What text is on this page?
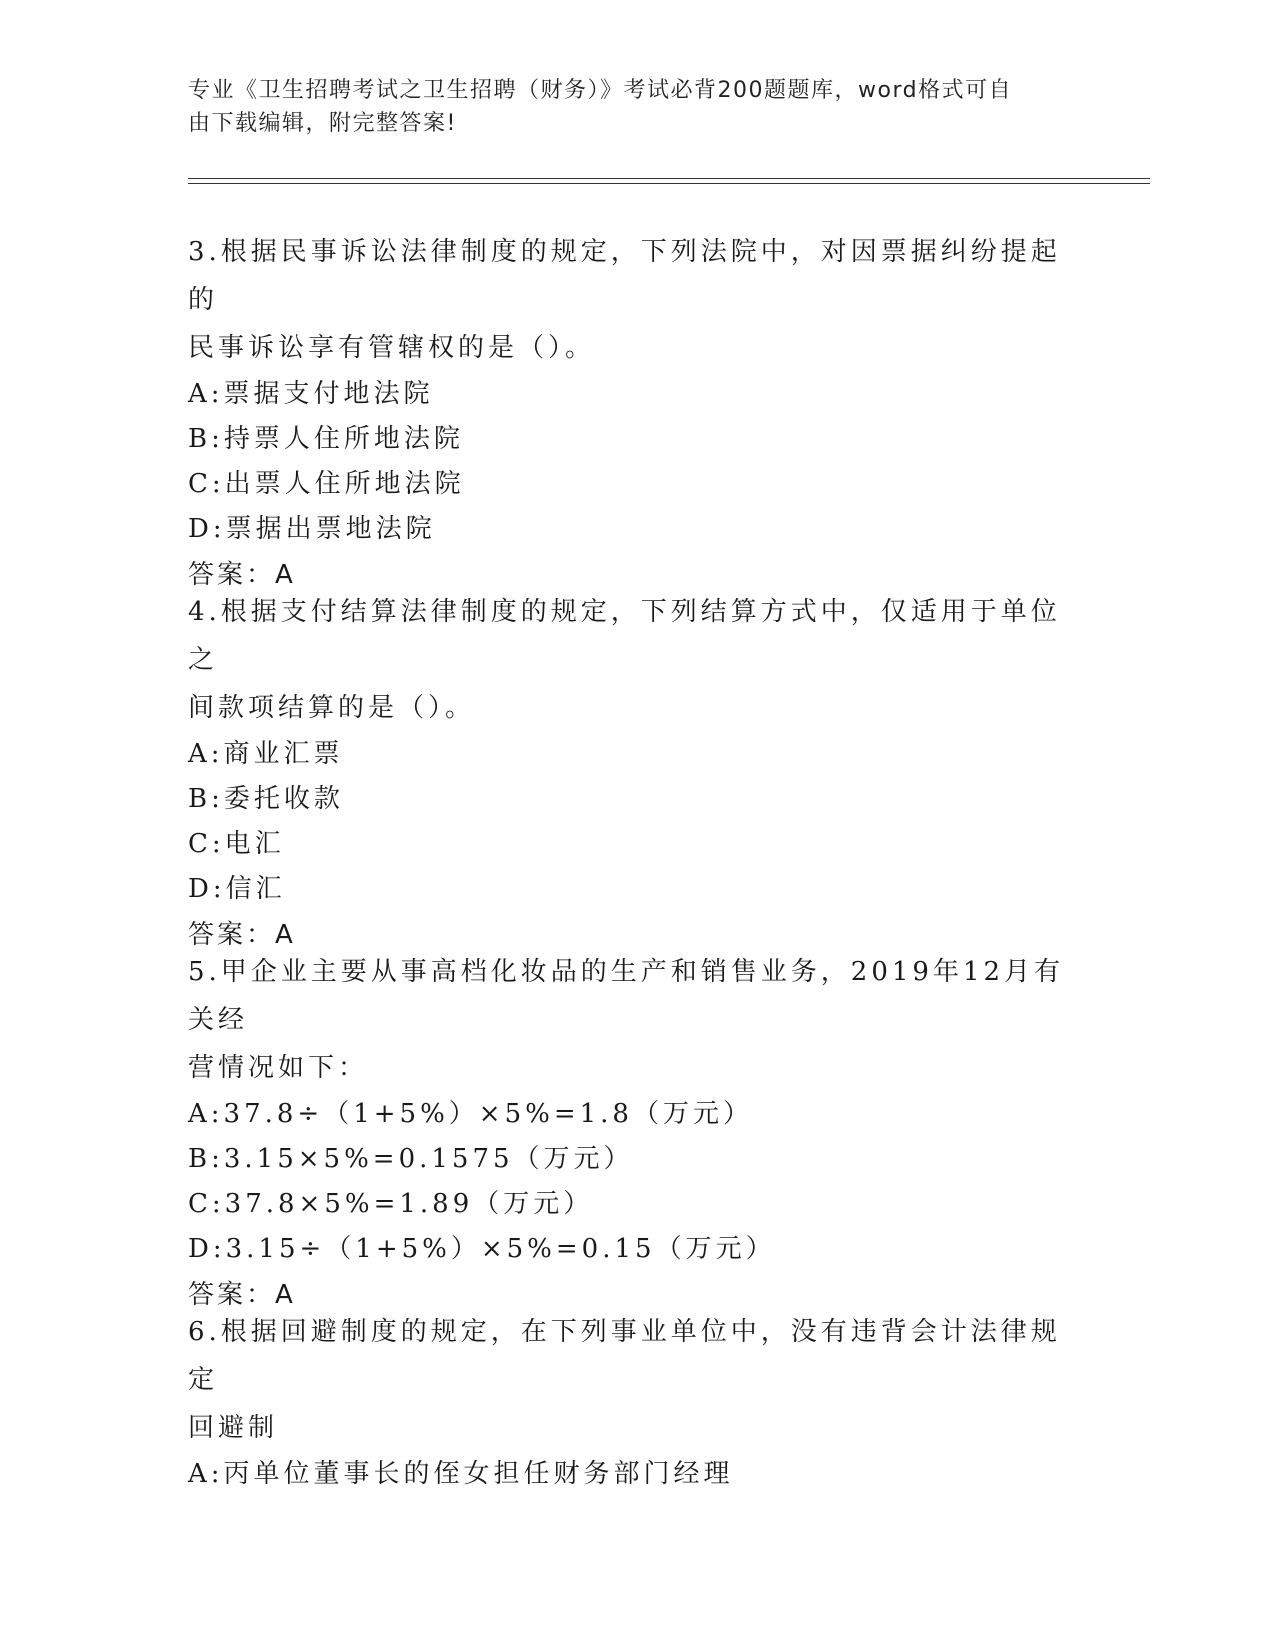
专业《卫生招聘考试之卫生招聘（财务）》考试必背200题题库，word格式可自
由下载编辑，附完整答案!
3.根据民事诉讼法律制度的规定，下列法院中，对因票据纠纷提起的
民事诉讼享有管辖权的是（）。
A:票据支付地法院
B:持票人住所地法院
C:出票人住所地法院
D:票据出票地法院
答案：A
4.根据支付结算法律制度的规定，下列结算方式中，仅适用于单位之
间款项结算的是（）。
A:商业汇票
B:委托收款
C:电汇
D:信汇
答案：A
5.甲企业主要从事高档化妆品的生产和销售业务，2019年12月有关经
营情况如下：
A:37.8÷（1+5%）×5%=1.8（万元）
B:3.15×5%=0.1575（万元）
C:37.8×5%=1.89（万元）
D:3.15÷（1+5%）×5%=0.15（万元）
答案：A
6.根据回避制度的规定，在下列事业单位中，没有违背会计法律规定
回避制
A:丙单位董事长的侄女担任财务部门经理
